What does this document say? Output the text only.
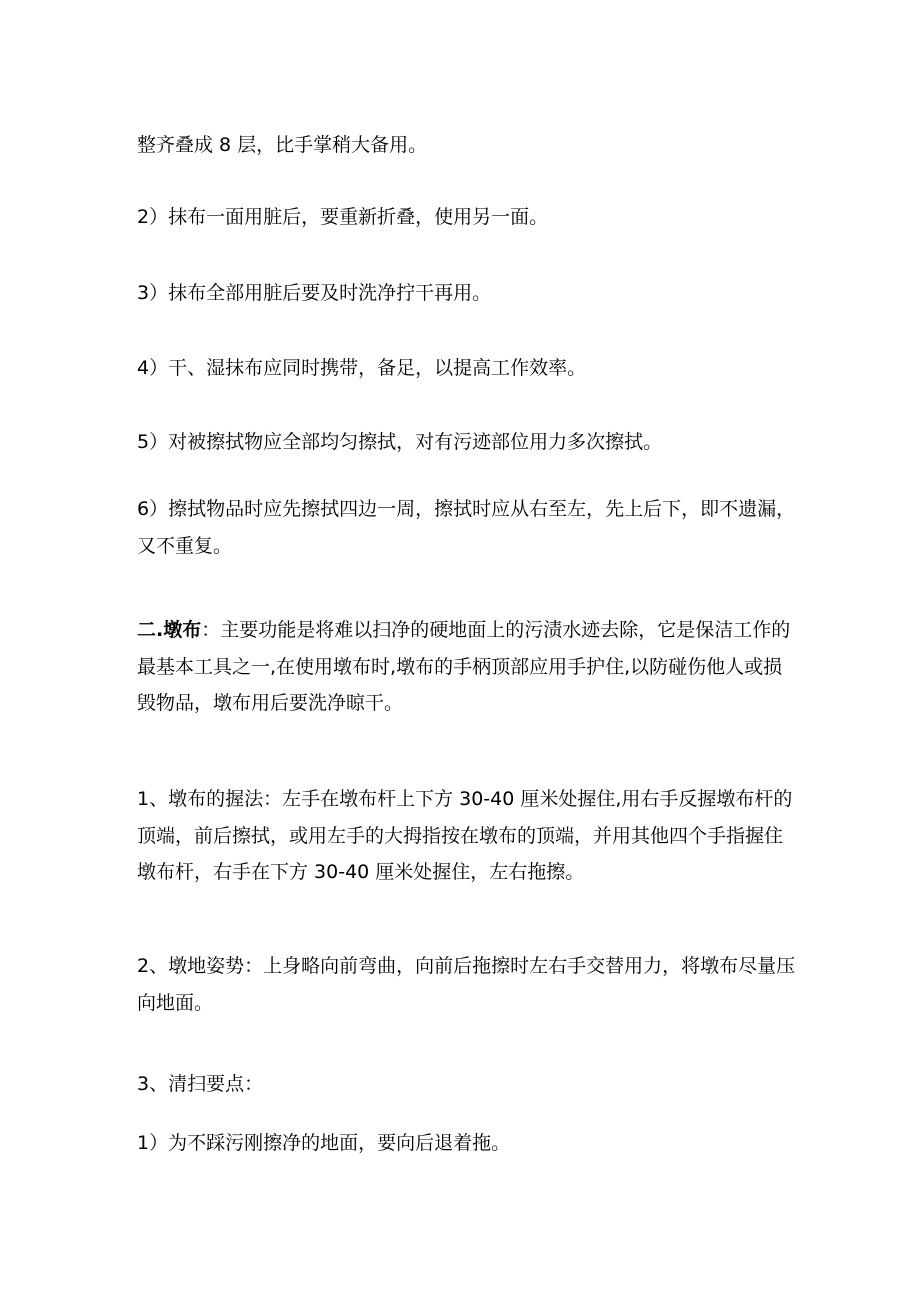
整齐叠成 8 层，比手掌稍大备用。

2）抹布一面用脏后，要重新折叠，使用另一面。

3）抹布全部用脏后要及时洗净拧干再用。

4）干、湿抹布应同时携带，备足，以提高工作效率。

5）对被擦拭物应全部均匀擦拭，对有污迹部位用力多次擦拭。

6）擦拭物品时应先擦拭四边一周，擦拭时应从右至左，先上后下，即不遗漏，又不重复。

二.墩布：主要功能是将难以扫净的硬地面上的污渍水迹去除，它是保洁工作的最基本工具之一,在使用墩布时,墩布的手柄顶部应用手护住,以防碰伤他人或损毁物品，墩布用后要洗净晾干。

1、墩布的握法：左手在墩布杆上下方 30-40 厘米处握住,用右手反握墩布杆的顶端，前后擦拭，或用左手的大拇指按在墩布的顶端，并用其他四个手指握住墩布杆，右手在下方 30-40 厘米处握住，左右拖擦。

2、墩地姿势：上身略向前弯曲，向前后拖擦时左右手交替用力，将墩布尽量压向地面。

3、清扫要点：

1）为不踩污刚擦净的地面，要向后退着拖。
